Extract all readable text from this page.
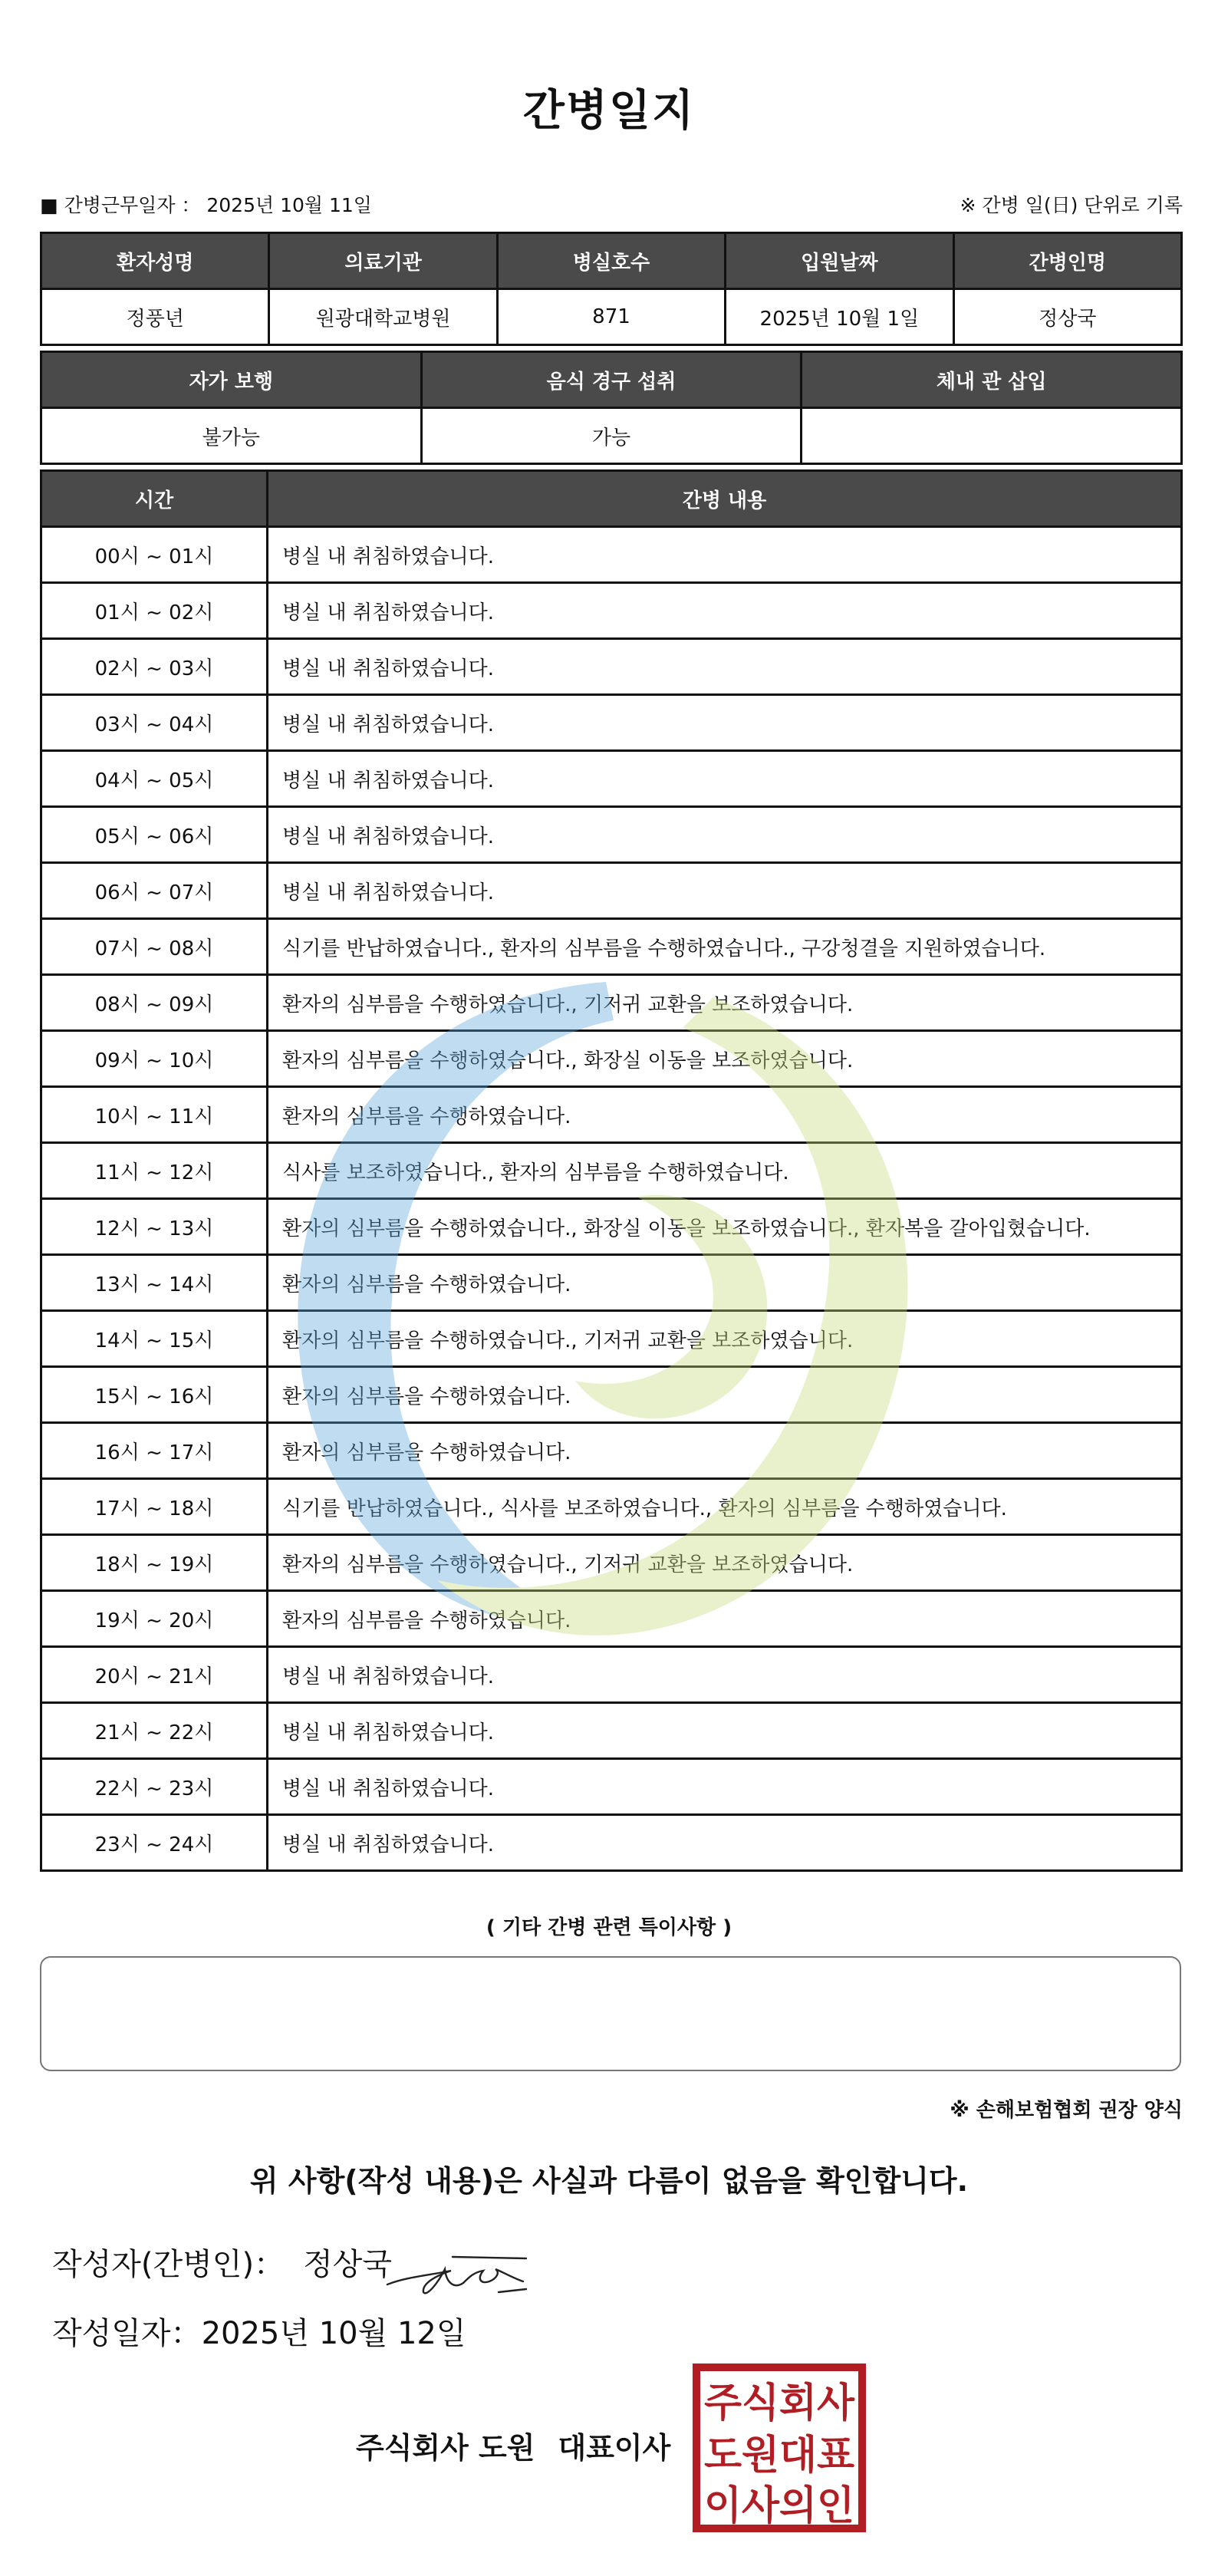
간병일지
■ 간병근무일자 ： 2025년 10월 11일	※ 간병 일(日) 단위로 기록
환자성명	의료기관	병실호수	입원날짜	간병인명
정풍년	원광대학교병원	871	2025년 10월 1일	정상국
자가 보행	음식 경구 섭취	체내 관 삽입
불가능	가능	
시간	간병 내용
00시 ~ 01시	병실 내 취침하였습니다.
01시 ~ 02시	병실 내 취침하였습니다.
02시 ~ 03시	병실 내 취침하였습니다.
03시 ~ 04시	병실 내 취침하였습니다.
04시 ~ 05시	병실 내 취침하였습니다.
05시 ~ 06시	병실 내 취침하였습니다.
06시 ~ 07시	병실 내 취침하였습니다.
07시 ~ 08시	식기를 반납하였습니다., 환자의 심부름을 수행하였습니다., 구강청결을 지원하였습니다.
08시 ~ 09시	환자의 심부름을 수행하였습니다., 기저귀 교환을 보조하였습니다.
09시 ~ 10시	환자의 심부름을 수행하였습니다., 화장실 이동을 보조하였습니다.
10시 ~ 11시	환자의 심부름을 수행하였습니다.
11시 ~ 12시	식사를 보조하였습니다., 환자의 심부름을 수행하였습니다.
12시 ~ 13시	환자의 심부름을 수행하였습니다., 화장실 이동을 보조하였습니다., 환자복을 갈아입혔습니다.
13시 ~ 14시	환자의 심부름을 수행하였습니다.
14시 ~ 15시	환자의 심부름을 수행하였습니다., 기저귀 교환을 보조하였습니다.
15시 ~ 16시	환자의 심부름을 수행하였습니다.
16시 ~ 17시	환자의 심부름을 수행하였습니다.
17시 ~ 18시	식기를 반납하였습니다., 식사를 보조하였습니다., 환자의 심부름을 수행하였습니다.
18시 ~ 19시	환자의 심부름을 수행하였습니다., 기저귀 교환을 보조하였습니다.
19시 ~ 20시	환자의 심부름을 수행하였습니다.
20시 ~ 21시	병실 내 취침하였습니다.
21시 ~ 22시	병실 내 취침하였습니다.
22시 ~ 23시	병실 내 취침하였습니다.
23시 ~ 24시	병실 내 취침하였습니다.
( 기타 간병 관련 특이사항 )
※ 손해보험협회 권장 양식
위 사항(작성 내용)은 사실과 다름이 없음을 확인합니다.
작성자(간병인)： 정상국
작성일자：2025년 10월 12일
주식회사 도원 대표이사
주식회사
도원대표
이사의인
